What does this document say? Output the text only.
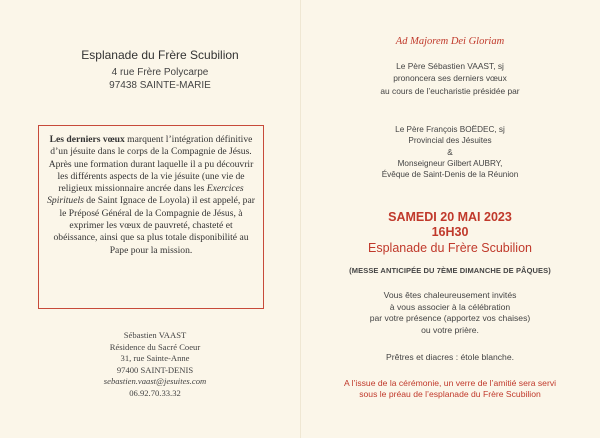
Esplanade du Frère Scubilion
4 rue Frère Polycarpe
97438 SAINTE-MARIE
Les derniers vœux marquent l’intégration définitive d’un jésuite dans le corps de la Compagnie de Jésus. Après une formation durant laquelle il a pu découvrir les différents aspects de la vie jésuite (une vie de religieux missionnaire ancrée dans les Exercices Spirituels de Saint Ignace de Loyola) il est appelé, par le Préposé Général de la Compagnie de Jésus, à exprimer les vœux de pauvreté, chasteté et obéissance, ainsi que sa plus totale disponibilité au Pape pour la mission.
Sébastien VAAST
Résidence du Sacré Coeur
31, rue Sainte-Anne
97400 SAINT-DENIS
sebastien.vaast@jesuites.com
06.92.70.33.32
Ad Majorem Dei Gloriam
Le Père Sébastien VAAST, sj
prononcera ses derniers vœux
au cours de l’eucharistie présidée par
Le Père François BOËDEC, sj
Provincial des Jésuites
&
Monseigneur Gilbert AUBRY,
Évêque de Saint-Denis de la Réunion
SAMEDI 20 MAI 2023
16H30
Esplanade du Frère Scubilion
(MESSE ANTICIPÉE DU 7ÈME DIMANCHE DE PÂQUES)
Vous êtes chaleureusement invités
à vous associer à la célébration
par votre présence (apportez vos chaises)
ou votre prière.
Prêtres et diacres : étole blanche.
A l’issue de la cérémonie, un verre de l’amitié sera servi
sous le préau de l’esplanade du Frère Scubilion
